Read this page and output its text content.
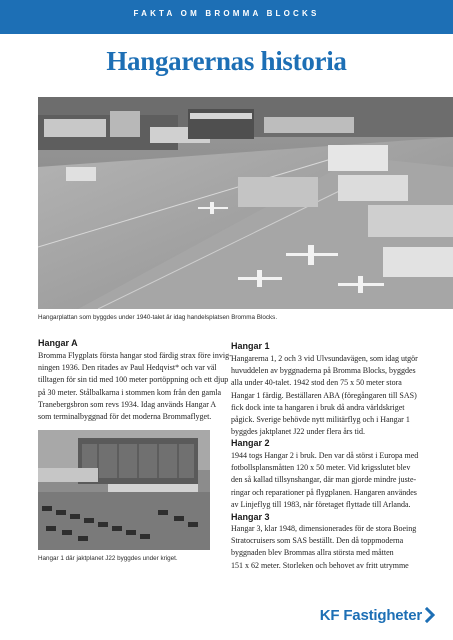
FAKTA OM BROMMA BLOCKS
Hangarernas historia
Hangarplattan som byggdes under 1940-talet är idag handelsplatsen Bromma Blocks.
Hangar A

Bromma Flygplats första hangar stod färdig strax före invig-

ningen 1936. Den ritades av Paul Hedqvist* och var väl

tilltagen för sin tid med 100 meter portöppning och ett djup

på 30 meter. Stålbalkarna i stommen kom från den gamla

Tranebergsbron som revs 1934. Idag används Hangar A

som terminalbyggnad för det moderna Brommaflyget.

Hangar 1 där jaktplanet J22 byggdes under kriget.
Hangar 1

Hangarerna 1, 2 och 3 vid Ulvsundavägen, som idag utgör

huvuddelen av byggnaderna på Bromma Blocks, byggdes

alla under 40-talet. 1942 stod den 75 x 50 meter stora

Hangar 1 färdig. Beställaren ABA (föregångaren till SAS)

fick dock inte ta hangaren i bruk då andra världskriget

pågick. Sverige behövde nytt militärflyg och i Hangar 1

byggdes jaktplanet J22 under flera års tid.

Hangar 2

1944 togs Hangar 2 i bruk. Den var då störst i Europa med

fotbollsplansmåtten 120 x 50 meter. Vid krigsslutet blev

den så kallad tillsynshangar, där man gjorde mindre juste-

ringar och reparationer på flygplanen. Hangaren användes

av Linjeflyg till 1983, när företaget flyttade till Arlanda.

Hangar 3

Hangar 3, klar 1948, dimensionerades för de stora Boeing

Stratocruisers som SAS beställt. Den då toppmoderna

byggnaden blev Brommas allra största med måtten

151 x 62 meter. Storleken och behovet av fritt utrymme

KF Fastigheter
